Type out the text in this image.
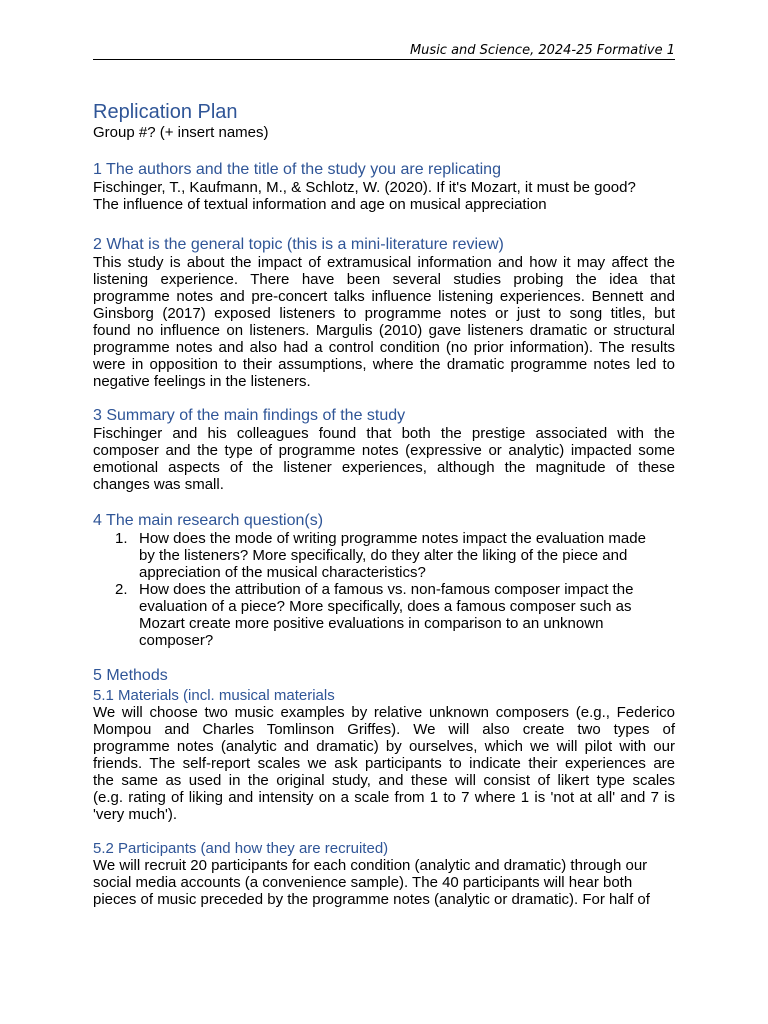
Music and Science, 2024-25 Formative 1
Replication Plan
Group #? (+ insert names)
1 The authors and the title of the study you are replicating
Fischinger, T., Kaufmann, M., & Schlotz, W. (2020). If it's Mozart, it must be good?
The influence of textual information and age on musical appreciation
2 What is the general topic (this is a mini-literature review)
This study is about the impact of extramusical information and how it may affect the
listening experience. There have been several studies probing the idea that
programme notes and pre-concert talks influence listening experiences. Bennett and
Ginsborg (2017) exposed listeners to programme notes or just to song titles, but
found no influence on listeners. Margulis (2010) gave listeners dramatic or structural
programme notes and also had a control condition (no prior information). The results
were in opposition to their assumptions, where the dramatic programme notes led to
negative feelings in the listeners.
3 Summary of the main findings of the study
Fischinger and his colleagues found that both the prestige associated with the
composer and the type of programme notes (expressive or analytic) impacted some
emotional aspects of the listener experiences, although the magnitude of these
changes was small.
4 The main research question(s)
1. How does the mode of writing programme notes impact the evaluation made
by the listeners? More specifically, do they alter the liking of the piece and
appreciation of the musical characteristics?
2. How does the attribution of a famous vs. non-famous composer impact the
evaluation of a piece? More specifically, does a famous composer such as
Mozart create more positive evaluations in comparison to an unknown
composer?
5 Methods
5.1 Materials (incl. musical materials
We will choose two music examples by relative unknown composers (e.g., Federico
Mompou and Charles Tomlinson Griffes). We will also create two types of
programme notes (analytic and dramatic) by ourselves, which we will pilot with our
friends. The self-report scales we ask participants to indicate their experiences are
the same as used in the original study, and these will consist of likert type scales
(e.g. rating of liking and intensity on a scale from 1 to 7 where 1 is 'not at all' and 7 is
'very much').
5.2 Participants (and how they are recruited)
We will recruit 20 participants for each condition (analytic and dramatic) through our
social media accounts (a convenience sample). The 40 participants will hear both
pieces of music preceded by the programme notes (analytic or dramatic). For half of
